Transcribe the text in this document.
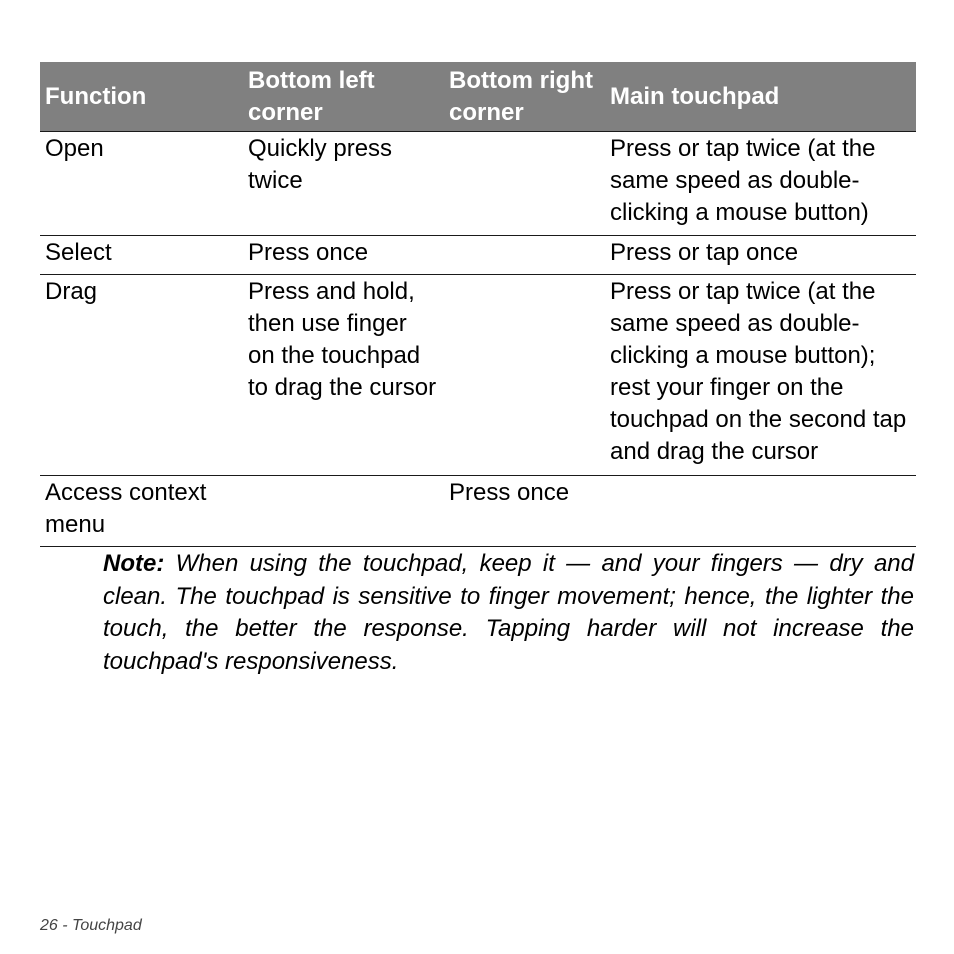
Function	Bottom left corner	Bottom right corner	Main touchpad
Open	Quickly press twice		Press or tap twice (at the same speed as double-clicking a mouse button)
Select	Press once		Press or tap once
Drag	Press and hold, then use finger on the touchpad to drag the cursor		Press or tap twice (at the same speed as double-clicking a mouse button); rest your finger on the touchpad on the second tap and drag the cursor
Access context menu		Press once	

Note: When using the touchpad, keep it — and your fingers — dry and clean. The touchpad is sensitive to finger movement; hence, the lighter the touch, the better the response. Tapping harder will not increase the touchpad's responsiveness.

26 - Touchpad
